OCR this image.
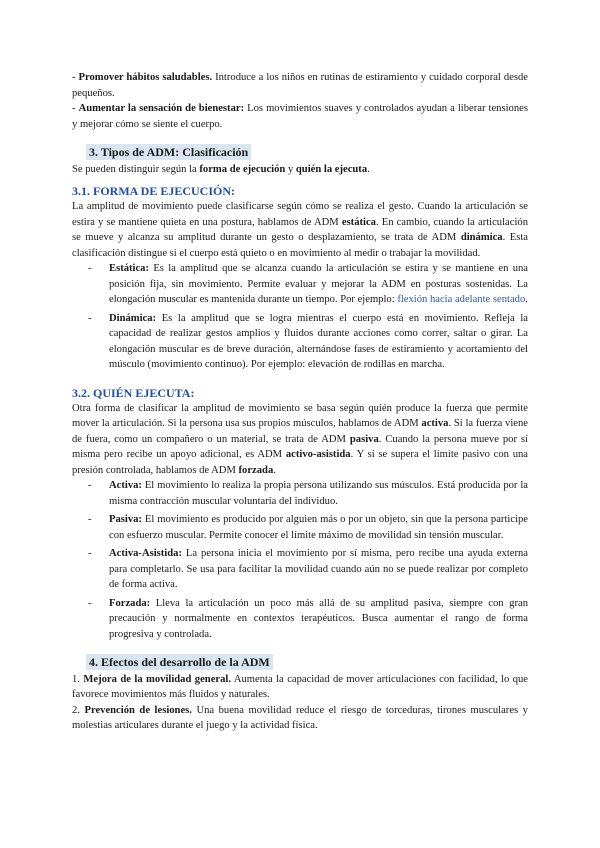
- Promover hábitos saludables. Introduce a los niños en rutinas de estiramiento y cuidado corporal desde pequeños.

- Aumentar la sensación de bienestar: Los movimientos suaves y controlados ayudan a liberar tensiones y mejorar cómo se siente el cuerpo.

3. Tipos de ADM: Clasificación

Se pueden distinguir según la forma de ejecución y quién la ejecuta.

3.1. FORMA DE EJECUCIÓN:

La amplitud de movimiento puede clasificarse según cómo se realiza el gesto. Cuando la articulación se estira y se mantiene quieta en una postura, hablamos de ADM estática. En cambio, cuando la articulación se mueve y alcanza su amplitud durante un gesto o desplazamiento, se trata de ADM dinámica. Esta clasificación distingue si el cuerpo está quieto o en movimiento al medir o trabajar la movilidad.

- Estática: Es la amplitud que se alcanza cuando la articulación se estira y se mantiene en una posición fija, sin movimiento. Permite evaluar y mejorar la ADM en posturas sostenidas. La elongación muscular es mantenida durante un tiempo. Por ejemplo: flexión hacia adelante sentado.
- Dinámica: Es la amplitud que se logra mientras el cuerpo está en movimiento. Refleja la capacidad de realizar gestos amplios y fluidos durante acciones como correr, saltar o girar. La elongación muscular es de breve duración, alternándose fases de estiramiento y acortamiento del músculo (movimiento continuo). Por ejemplo: elevación de rodillas en marcha.

3.2. QUIÉN EJECUTA:

Otra forma de clasificar la amplitud de movimiento se basa según quién produce la fuerza que permite mover la articulación. Si la persona usa sus propios músculos, hablamos de ADM activa. Si la fuerza viene de fuera, como un compañero o un material, se trata de ADM pasiva. Cuando la persona mueve por sí misma pero recibe un apoyo adicional, es ADM activo-asistida. Y si se supera el límite pasivo con una presión controlada, hablamos de ADM forzada.

- Activa: El movimiento lo realiza la propia persona utilizando sus músculos. Está producida por la misma contracción muscular voluntaria del individuo.
- Pasiva: El movimiento es producido por alguien más o por un objeto, sin que la persona participe con esfuerzo muscular. Permite conocer el límite máximo de movilidad sin tensión muscular.
- Activa-Asistida: La persona inicia el movimiento por sí misma, pero recibe una ayuda externa para completarlo. Se usa para facilitar la movilidad cuando aún no se puede realizar por completo de forma activa.
- Forzada: Lleva la articulación un poco más allá de su amplitud pasiva, siempre con gran precaución y normalmente en contextos terapéuticos. Busca aumentar el rango de forma progresiva y controlada.
4. Efectos del desarrollo de la ADM

1. Mejora de la movilidad general. Aumenta la capacidad de mover articulaciones con facilidad, lo que favorece movimientos más fluidos y naturales.

2. Prevención de lesiones. Una buena movilidad reduce el riesgo de torceduras, tirones musculares y molestias articulares durante el juego y la actividad física.
